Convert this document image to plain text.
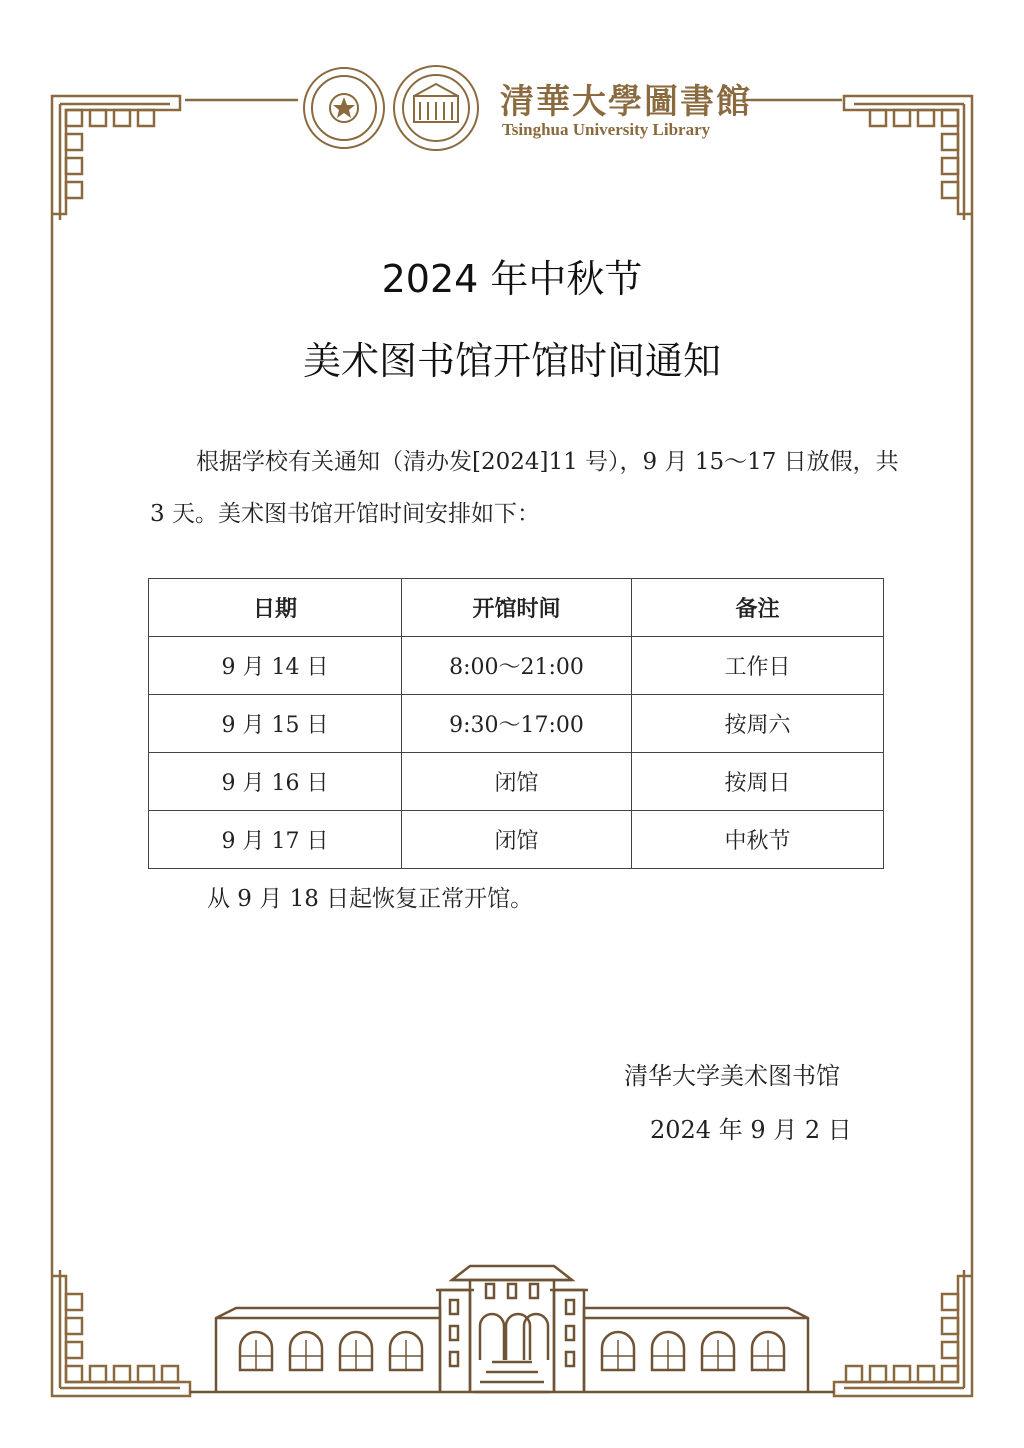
清華大學圖書館
Tsinghua University Library
2024 年中秋节
美术图书馆开馆时间通知

根据学校有关通知（清办发[2024]11 号），9 月 15～17 日放假，共 3 天。美术图书馆开馆时间安排如下：

日期	开馆时间	备注
9 月 14 日	8:00～21:00	工作日
9 月 15 日	9:30～17:00	按周六
9 月 16 日	闭馆	按周日
9 月 17 日	闭馆	中秋节
从 9 月 18 日起恢复正常开馆。
清华大学美术图书馆
2024 年 9 月 2 日
